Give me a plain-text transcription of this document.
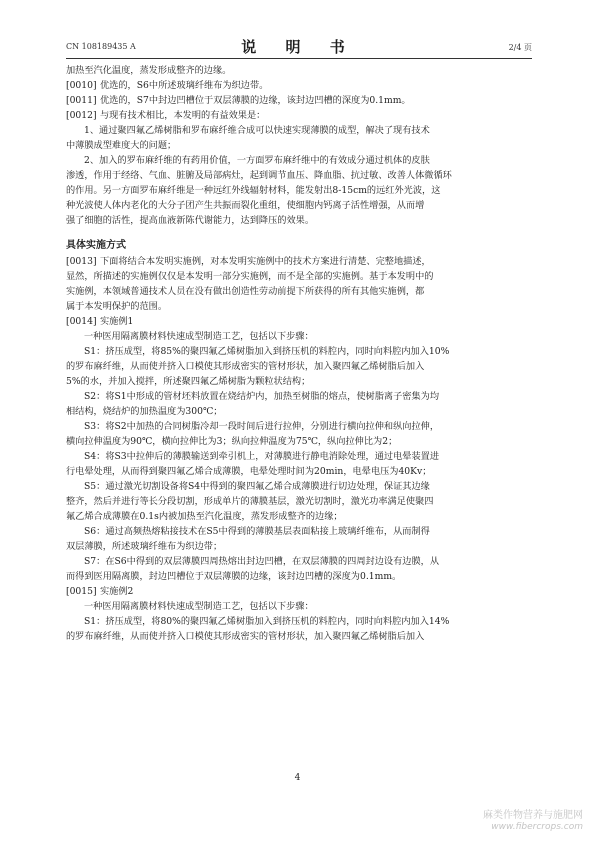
CN 108189435 A	说 明 书	2/4 页

加热至汽化温度，蒸发形成整齐的边缘。

[0010] 优选的，S6中所述玻璃纤维布为织边带。

[0011] 优选的，S7中封边凹槽位于双层薄膜的边缘，该封边凹槽的深度为0.1mm。

[0012] 与现有技术相比，本发明的有益效果是：

1、通过聚四氟乙烯树脂和罗布麻纤维合成可以快速实现薄膜的成型，解决了现有技术

中薄膜成型难度大的问题；

2、加入的罗布麻纤维的有药用价值，一方面罗布麻纤维中的有效成分通过机体的皮肤

渗透，作用于经络、气血、脏腑及局部病灶，起到调节血压、降血脂、抗过敏、改善人体微循环

的作用。另一方面罗布麻纤维是一种远红外线辐射材料，能发射出8-15cm的远红外光波，这

种光波使人体内老化的大分子团产生共振而裂化重组，使细胞内钙离子活性增强，从而增

强了细胞的活性，提高血液新陈代谢能力，达到降压的效果。

具体实施方式

[0013] 下面将结合本发明实施例，对本发明实施例中的技术方案进行清楚、完整地描述，

显然，所描述的实施例仅仅是本发明一部分实施例，而不是全部的实施例。基于本发明中的

实施例，本领域普通技术人员在没有做出创造性劳动前提下所获得的所有其他实施例，都

属于本发明保护的范围。

[0014] 实施例1

一种医用隔离膜材料快速成型制造工艺，包括以下步骤：

S1：挤压成型，将85%的聚四氟乙烯树脂加入到挤压机的料腔内，同时向料腔内加入10%

的罗布麻纤维，从而使并挤入口模使其形成密实的管材形状，加入聚四氟乙烯树脂后加入

5%的水，并加入搅拌，所述聚四氟乙烯树脂为颗粒状结构；

S2：将S1中形成的管材坯料放置在烧结炉内，加热至树脂的熔点，使树脂离子密集为均

相结构，烧结炉的加热温度为300℃；

S3：将S2中加热的合同树脂冷却一段时间后进行拉伸，分别进行横向拉伸和纵向拉伸，

横向拉伸温度为90℃，横向拉伸比为3；纵向拉伸温度为75℃，纵向拉伸比为2；

S4：将S3中拉伸后的薄膜输送到牵引机上，对薄膜进行静电消除处理，通过电晕装置进

行电晕处理，从而得到聚四氟乙烯合成薄膜，电晕处理时间为20min，电晕电压为40Kv；

S5：通过激光切割设备将S4中得到的聚四氟乙烯合成薄膜进行切边处理，保证其边缘

整齐，然后并进行等长分段切割，形成单片的薄膜基层，激光切割时，激光功率满足使聚四

氟乙烯合成薄膜在0.1s内被加热至汽化温度，蒸发形成整齐的边缘；

S6：通过高频热熔粘接技术在S5中得到的薄膜基层表面粘接上玻璃纤维布，从而制得

双层薄膜，所述玻璃纤维布为织边带；

S7：在S6中得到的双层薄膜四周热熔出封边凹槽，在双层薄膜的四周封边设有边膜，从

而得到医用隔离膜，封边凹槽位于双层薄膜的边缘，该封边凹槽的深度为0.1mm。

[0015] 实施例2

一种医用隔离膜材料快速成型制造工艺，包括以下步骤：

S1：挤压成型，将80%的聚四氟乙烯树脂加入到挤压机的料腔内，同时向料腔内加入14%

的罗布麻纤维，从而使并挤入口模使其形成密实的管材形状，加入聚四氟乙烯树脂后加入

4
麻类作物营养与施肥网
www.fibercrops.com
